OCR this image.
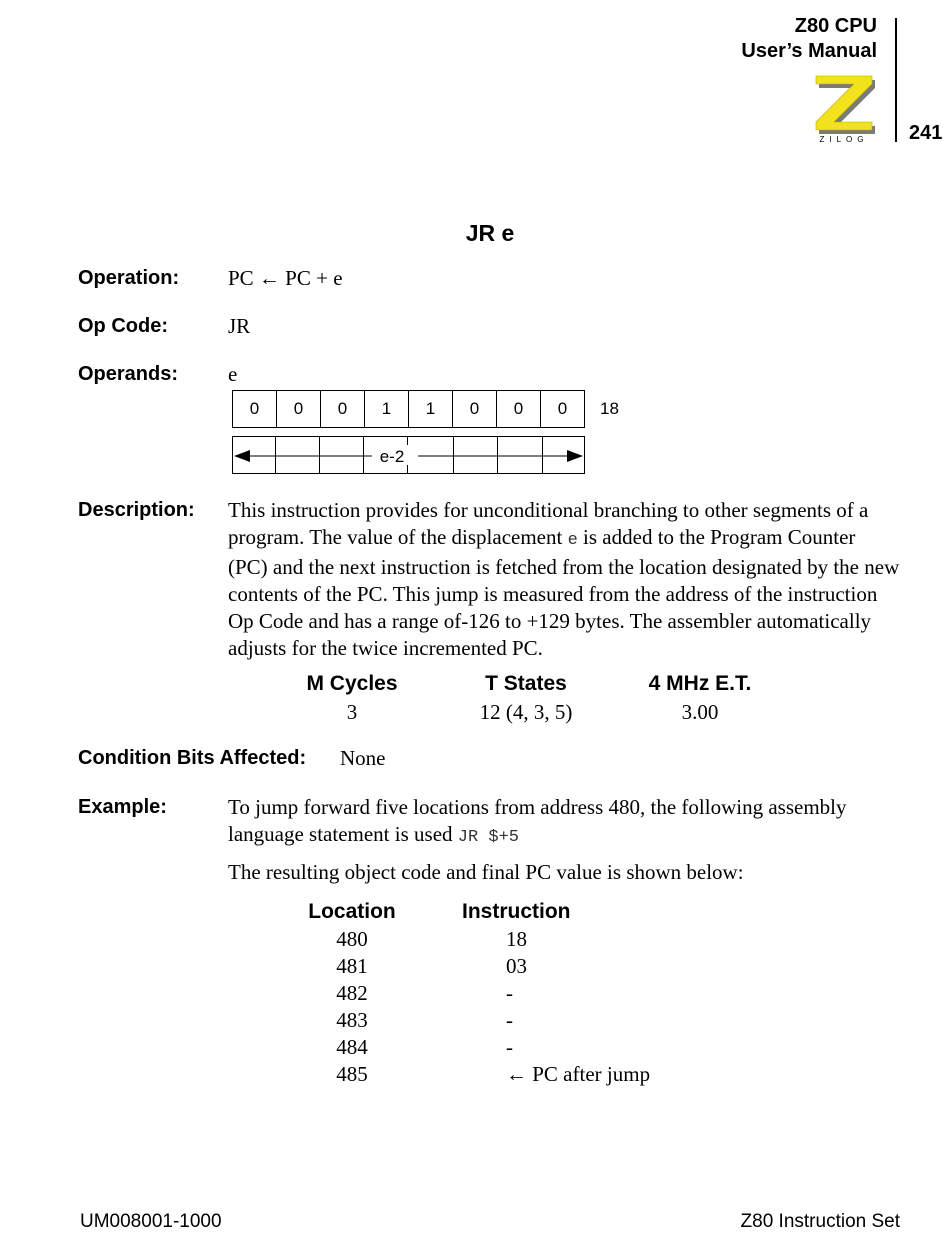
Z80 CPU
User’s Manual
ZILOG 241
JR e
Operation: PC ← PC + e
Op Code:	JR
Operands: e
0	0	0	1	1	0	0	0	18
e-2
Description: This instruction provides for unconditional branching to other segments of a program. The value of the displacement e is added to the Program Counter (PC) and the next instruction is fetched from the location designated by the new contents of the PC. This jump is measured from the address of the instruction Op Code and has a range of-126 to +129 bytes. The assembler automatically adjusts for the twice incremented PC.
M Cycles	T States	4 MHz E.T.
3	12 (4, 3, 5)	3.00
Condition Bits Affected: None
Example:	To jump forward five locations from address 480, the following assembly language statement is used JR $+5
The resulting object code and final PC value is shown below:
Location	Instruction
480	18
481	03
482	-
483	-
484	-
485	← PC after jump
UM008001-1000	Z80 Instruction Set
